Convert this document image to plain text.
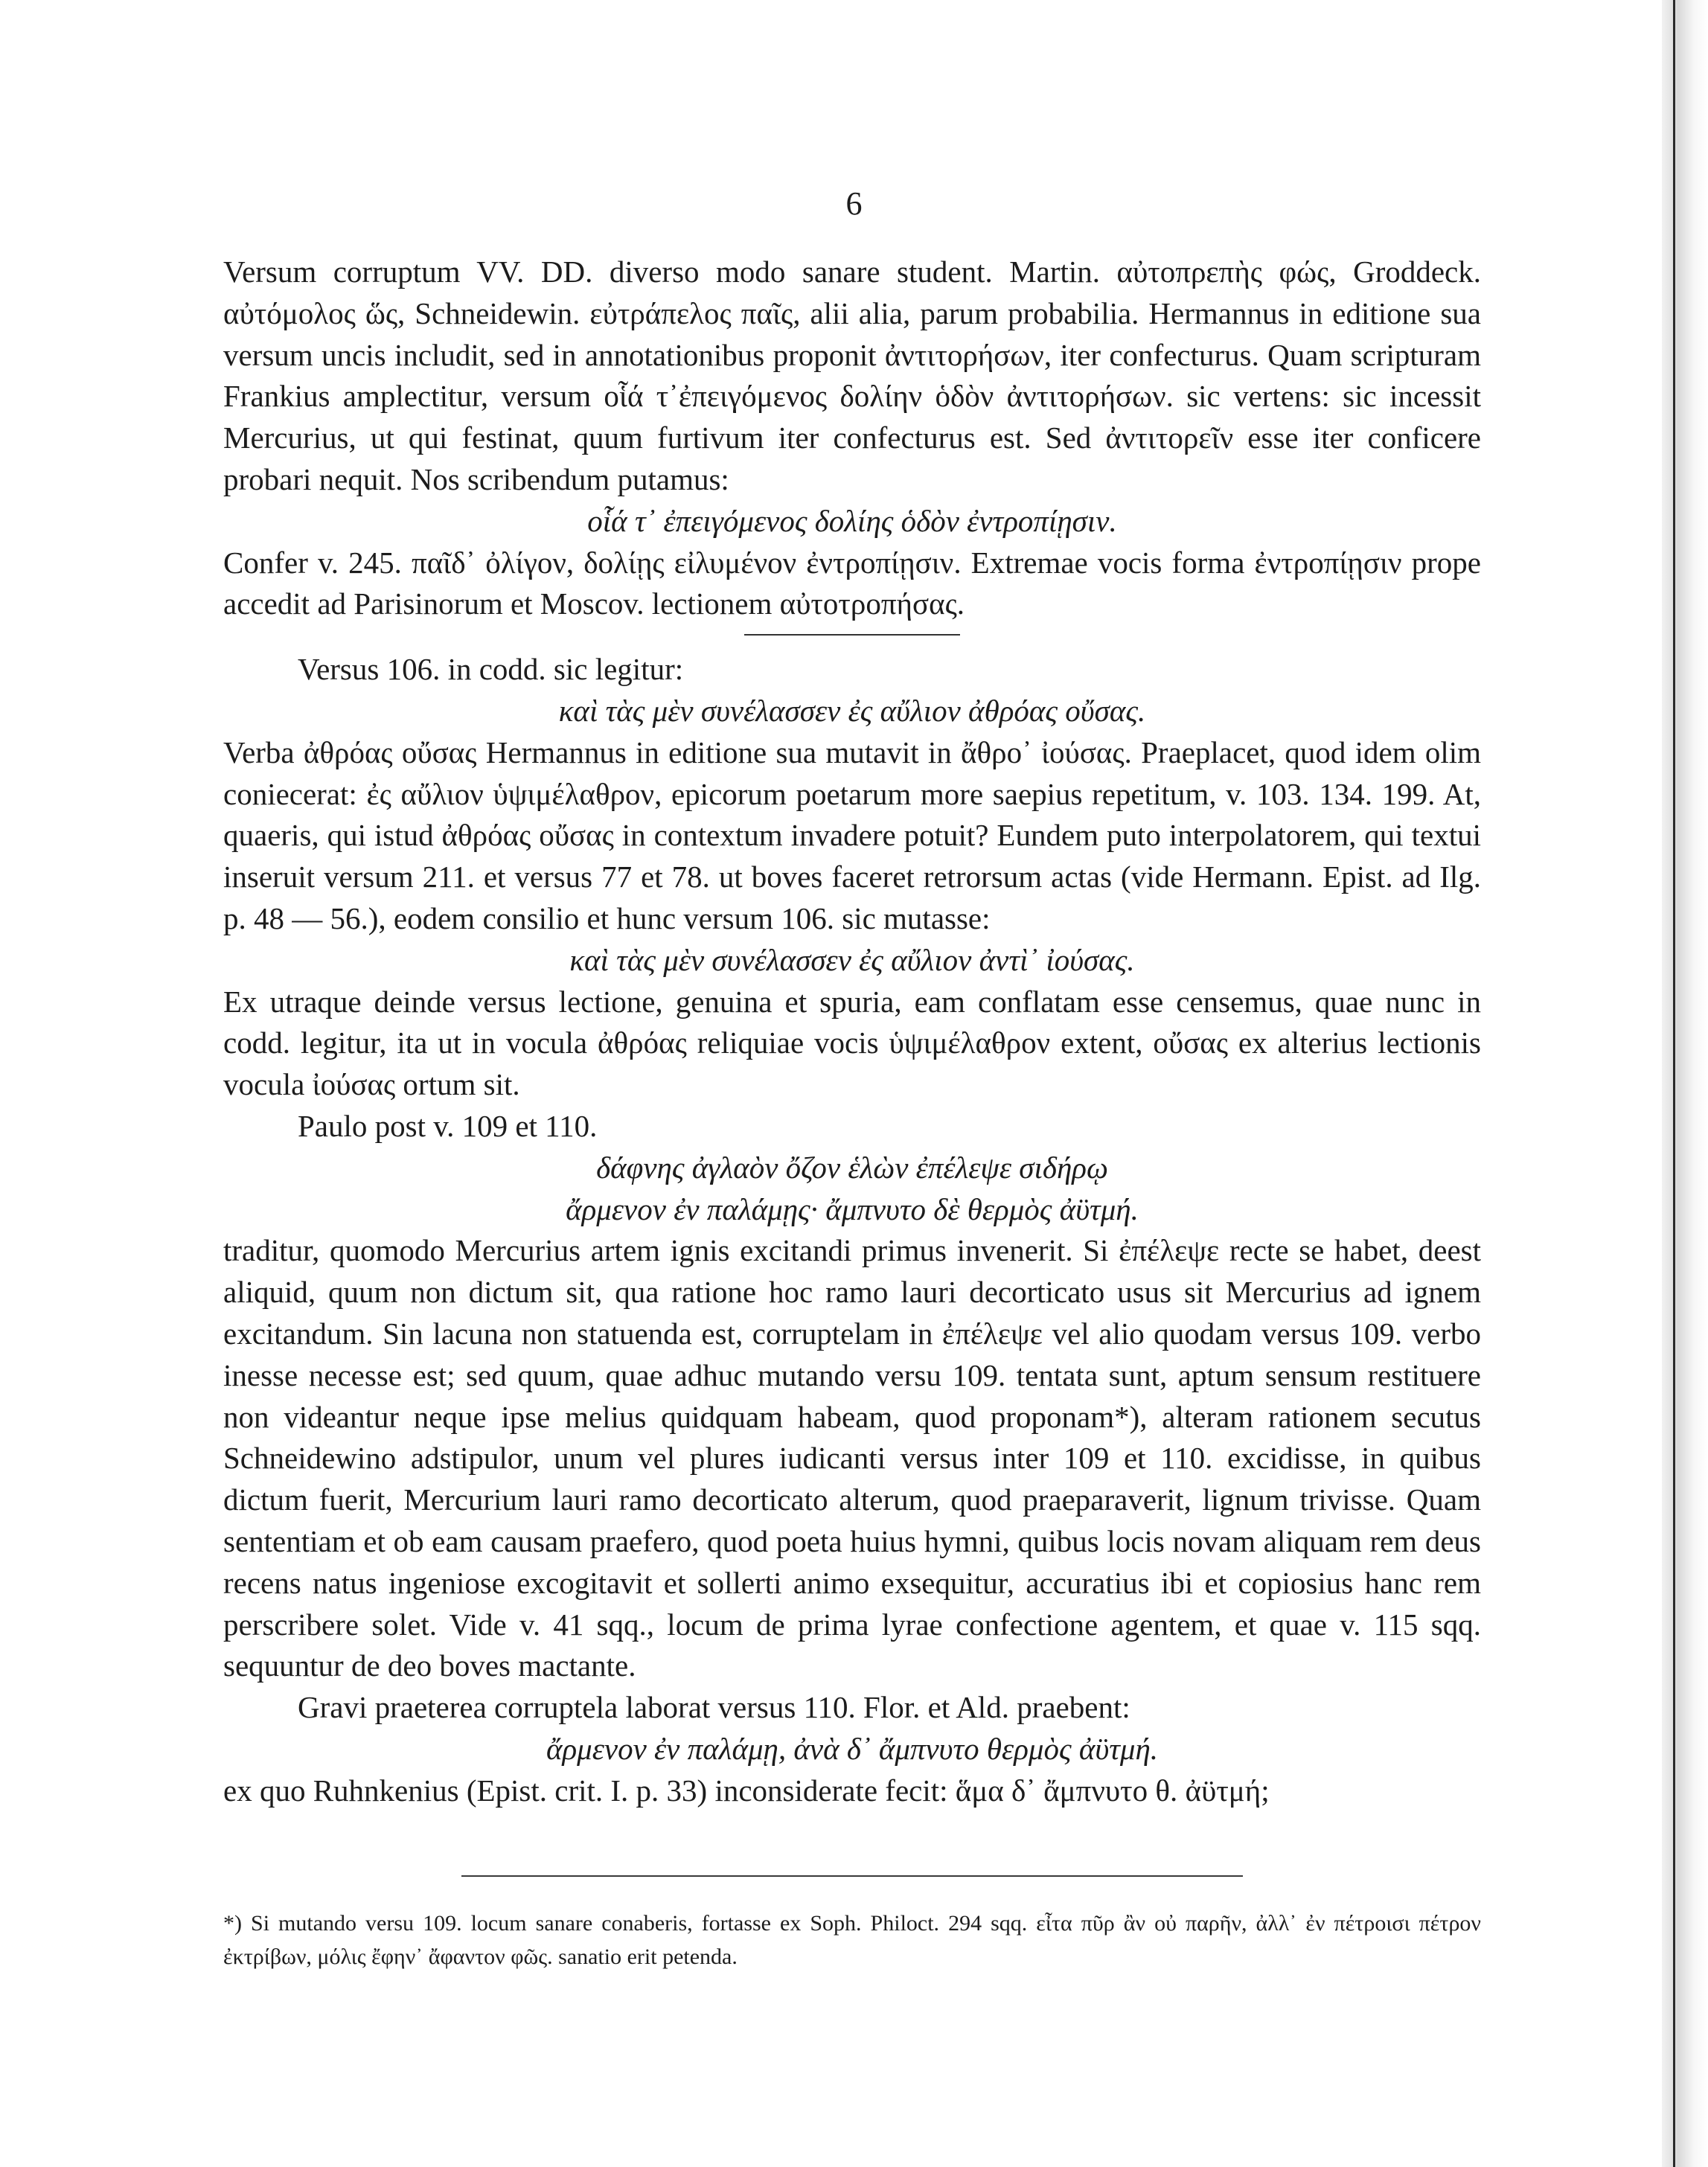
6

Versum corruptum VV. DD. diverso modo sanare student. Martin. αὐτοπρεπὴς φώς, Groddeck. αὐτόμολος ὥς, Schneidewin. εὐτράπελος παῖς, alii alia, parum probabilia. Hermannus in editione sua versum uncis includit, sed in annotationibus proponit ἀντιτορήσων, iter confecturus. Quam scripturam Frankius amplectitur, versum οἷά τ᾿ἐπειγόμενος δολίην ὁδὸν ἀντιτορήσων. sic vertens: sic incessit Mercurius, ut qui festinat, quum furtivum iter confecturus est. Sed ἀντιτορεῖν esse iter conficere probari nequit. Nos scribendum putamus:

οἷά τ᾿ ἐπειγόμενος δολίης ὁδὸν ἐντροπίῃσιν.

Confer v. 245. παῖδ᾿ ὀλίγον, δολίῃς εἰλυμένον ἐντροπίῃσιν. Extremae vocis forma ἐντροπίῃσιν prope accedit ad Parisinorum et Moscov. lectionem αὐτοτροπήσας.

Versus 106. in codd. sic legitur:

καὶ τὰς μὲν συνέλασσεν ἐς αὔλιον ἀθρόας οὔσας.

Verba ἀθρόας οὔσας Hermannus in editione sua mutavit in ἄθρο᾿ ἰούσας. Praeplacet, quod idem olim coniecerat: ἐς αὔλιον ὑψιμέλαθρον, epicorum poetarum more saepius repetitum, v. 103. 134. 199. At, quaeris, qui istud ἀθρόας οὔσας in contextum invadere potuit? Eundem puto interpolatorem, qui textui inseruit versum 211. et versus 77 et 78. ut boves faceret retrorsum actas (vide Hermann. Epist. ad Ilg. p. 48 — 56.), eodem consilio et hunc versum 106. sic mutasse:

καὶ τὰς μὲν συνέλασσεν ἐς αὔλιον ἀντὶ᾿ ἰούσας.

Ex utraque deinde versus lectione, genuina et spuria, eam conflatam esse censemus, quae nunc in codd. legitur, ita ut in vocula ἀθρόας reliquiae vocis ὑψιμέλαθρον extent, οὔσας ex alterius lectionis vocula ἰούσας ortum sit.

Paulo post v. 109 et 110.

δάφνης ἀγλαὸν ὄζον ἑλὼν ἐπέλεψε σιδήρῳ

ἄρμενον ἐν παλάμῃς· ἄμπνυτο δὲ θερμὸς ἀϋτμή.

traditur, quomodo Mercurius artem ignis excitandi primus invenerit. Si ἐπέλεψε recte se habet, deest aliquid, quum non dictum sit, qua ratione hoc ramo lauri decorticato usus sit Mercurius ad ignem excitandum. Sin lacuna non statuenda est, corruptelam in ἐπέλεψε vel alio quodam versus 109. verbo inesse necesse est; sed quum, quae adhuc mutando versu 109. tentata sunt, aptum sensum restituere non videantur neque ipse melius quidquam habeam, quod proponam*), alteram rationem secutus Schneidewino adstipulor, unum vel plures iudicanti versus inter 109 et 110. excidisse, in quibus dictum fuerit, Mercurium lauri ramo decorticato alterum, quod praeparaverit, lignum trivisse. Quam sententiam et ob eam causam praefero, quod poeta huius hymni, quibus locis novam aliquam rem deus recens natus ingeniose excogitavit et sollerti animo exsequitur, accuratius ibi et copiosius hanc rem perscribere solet. Vide v. 41 sqq., locum de prima lyrae confectione agentem, et quae v. 115 sqq. sequuntur de deo boves mactante.

Gravi praeterea corruptela laborat versus 110. Flor. et Ald. praebent:

ἄρμενον ἐν παλάμῃ, ἀνὰ δ᾿ ἄμπνυτο θερμὸς ἀϋτμή.

ex quo Ruhnkenius (Epist. crit. I. p. 33) inconsiderate fecit: ἅμα δ᾿ ἄμπνυτο θ. ἀϋτμή;

*) Si mutando versu 109. locum sanare conaberis, fortasse ex Soph. Philoct. 294 sqq. εἶτα πῦρ ἂν οὐ παρῆν, ἀλλ᾿ ἐν πέτροισι πέτρον ἐκτρίβων, μόλις ἔφην᾿ ἄφαντον φῶς. sanatio erit petenda.
